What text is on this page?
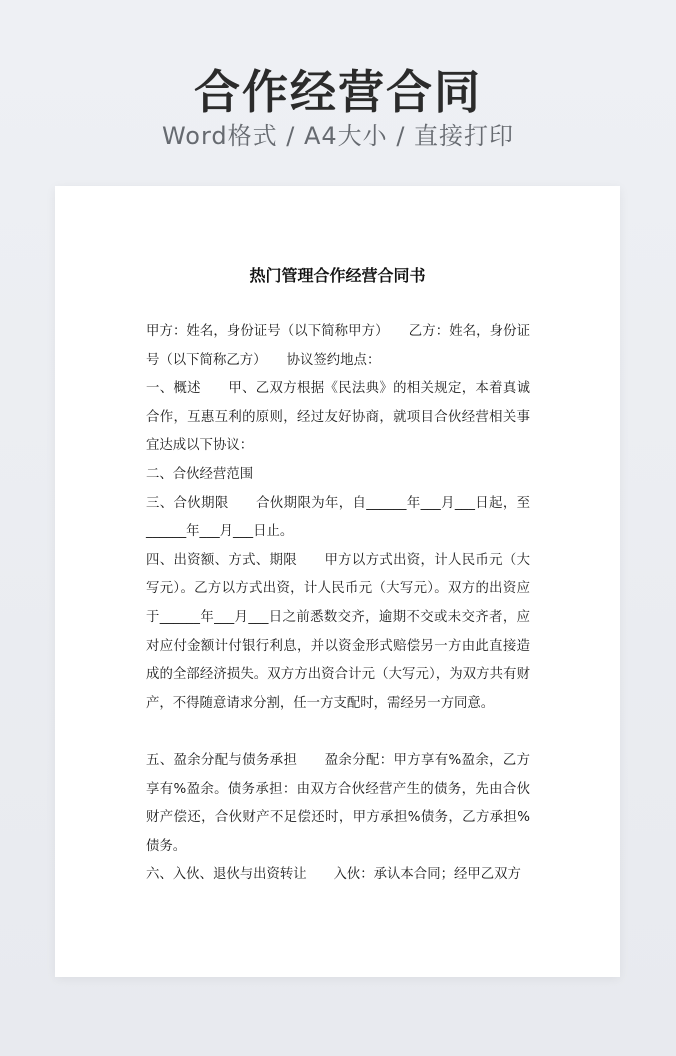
合作经营合同
Word格式 / A4大小 / 直接打印
热门管理合作经营合同书

甲方：姓名，身份证号（以下简称甲方）　　乙方：姓名，身份证号（以下简称乙方）　　协议签约地点：

一、概述　　甲、乙双方根据《民法典》的相关规定，本着真诚合作，互惠互利的原则，经过友好协商，就项目合伙经营相关事宜达成以下协议：

二、合伙经营范围

三、合伙期限　　合伙期限为年，自______年___月___日起，至______年___月___日止。

四、出资额、方式、期限　　甲方以方式出资，计人民币元（大写元）。乙方以方式出资，计人民币元（大写元）。双方的出资应于______年___月___日之前悉数交齐，逾期不交或未交齐者，应对应付金额计付银行利息，并以资金形式赔偿另一方由此直接造成的全部经济损失。双方方出资合计元（大写元），为双方共有财产，不得随意请求分割，任一方支配时，需经另一方同意。

五、盈余分配与债务承担　　盈余分配：甲方享有%盈余，乙方享有%盈余。债务承担：由双方合伙经营产生的债务，先由合伙财产偿还，合伙财产不足偿还时，甲方承担%债务，乙方承担%债务。

六、入伙、退伙与出资转让　　入伙：承认本合同；经甲乙双方
